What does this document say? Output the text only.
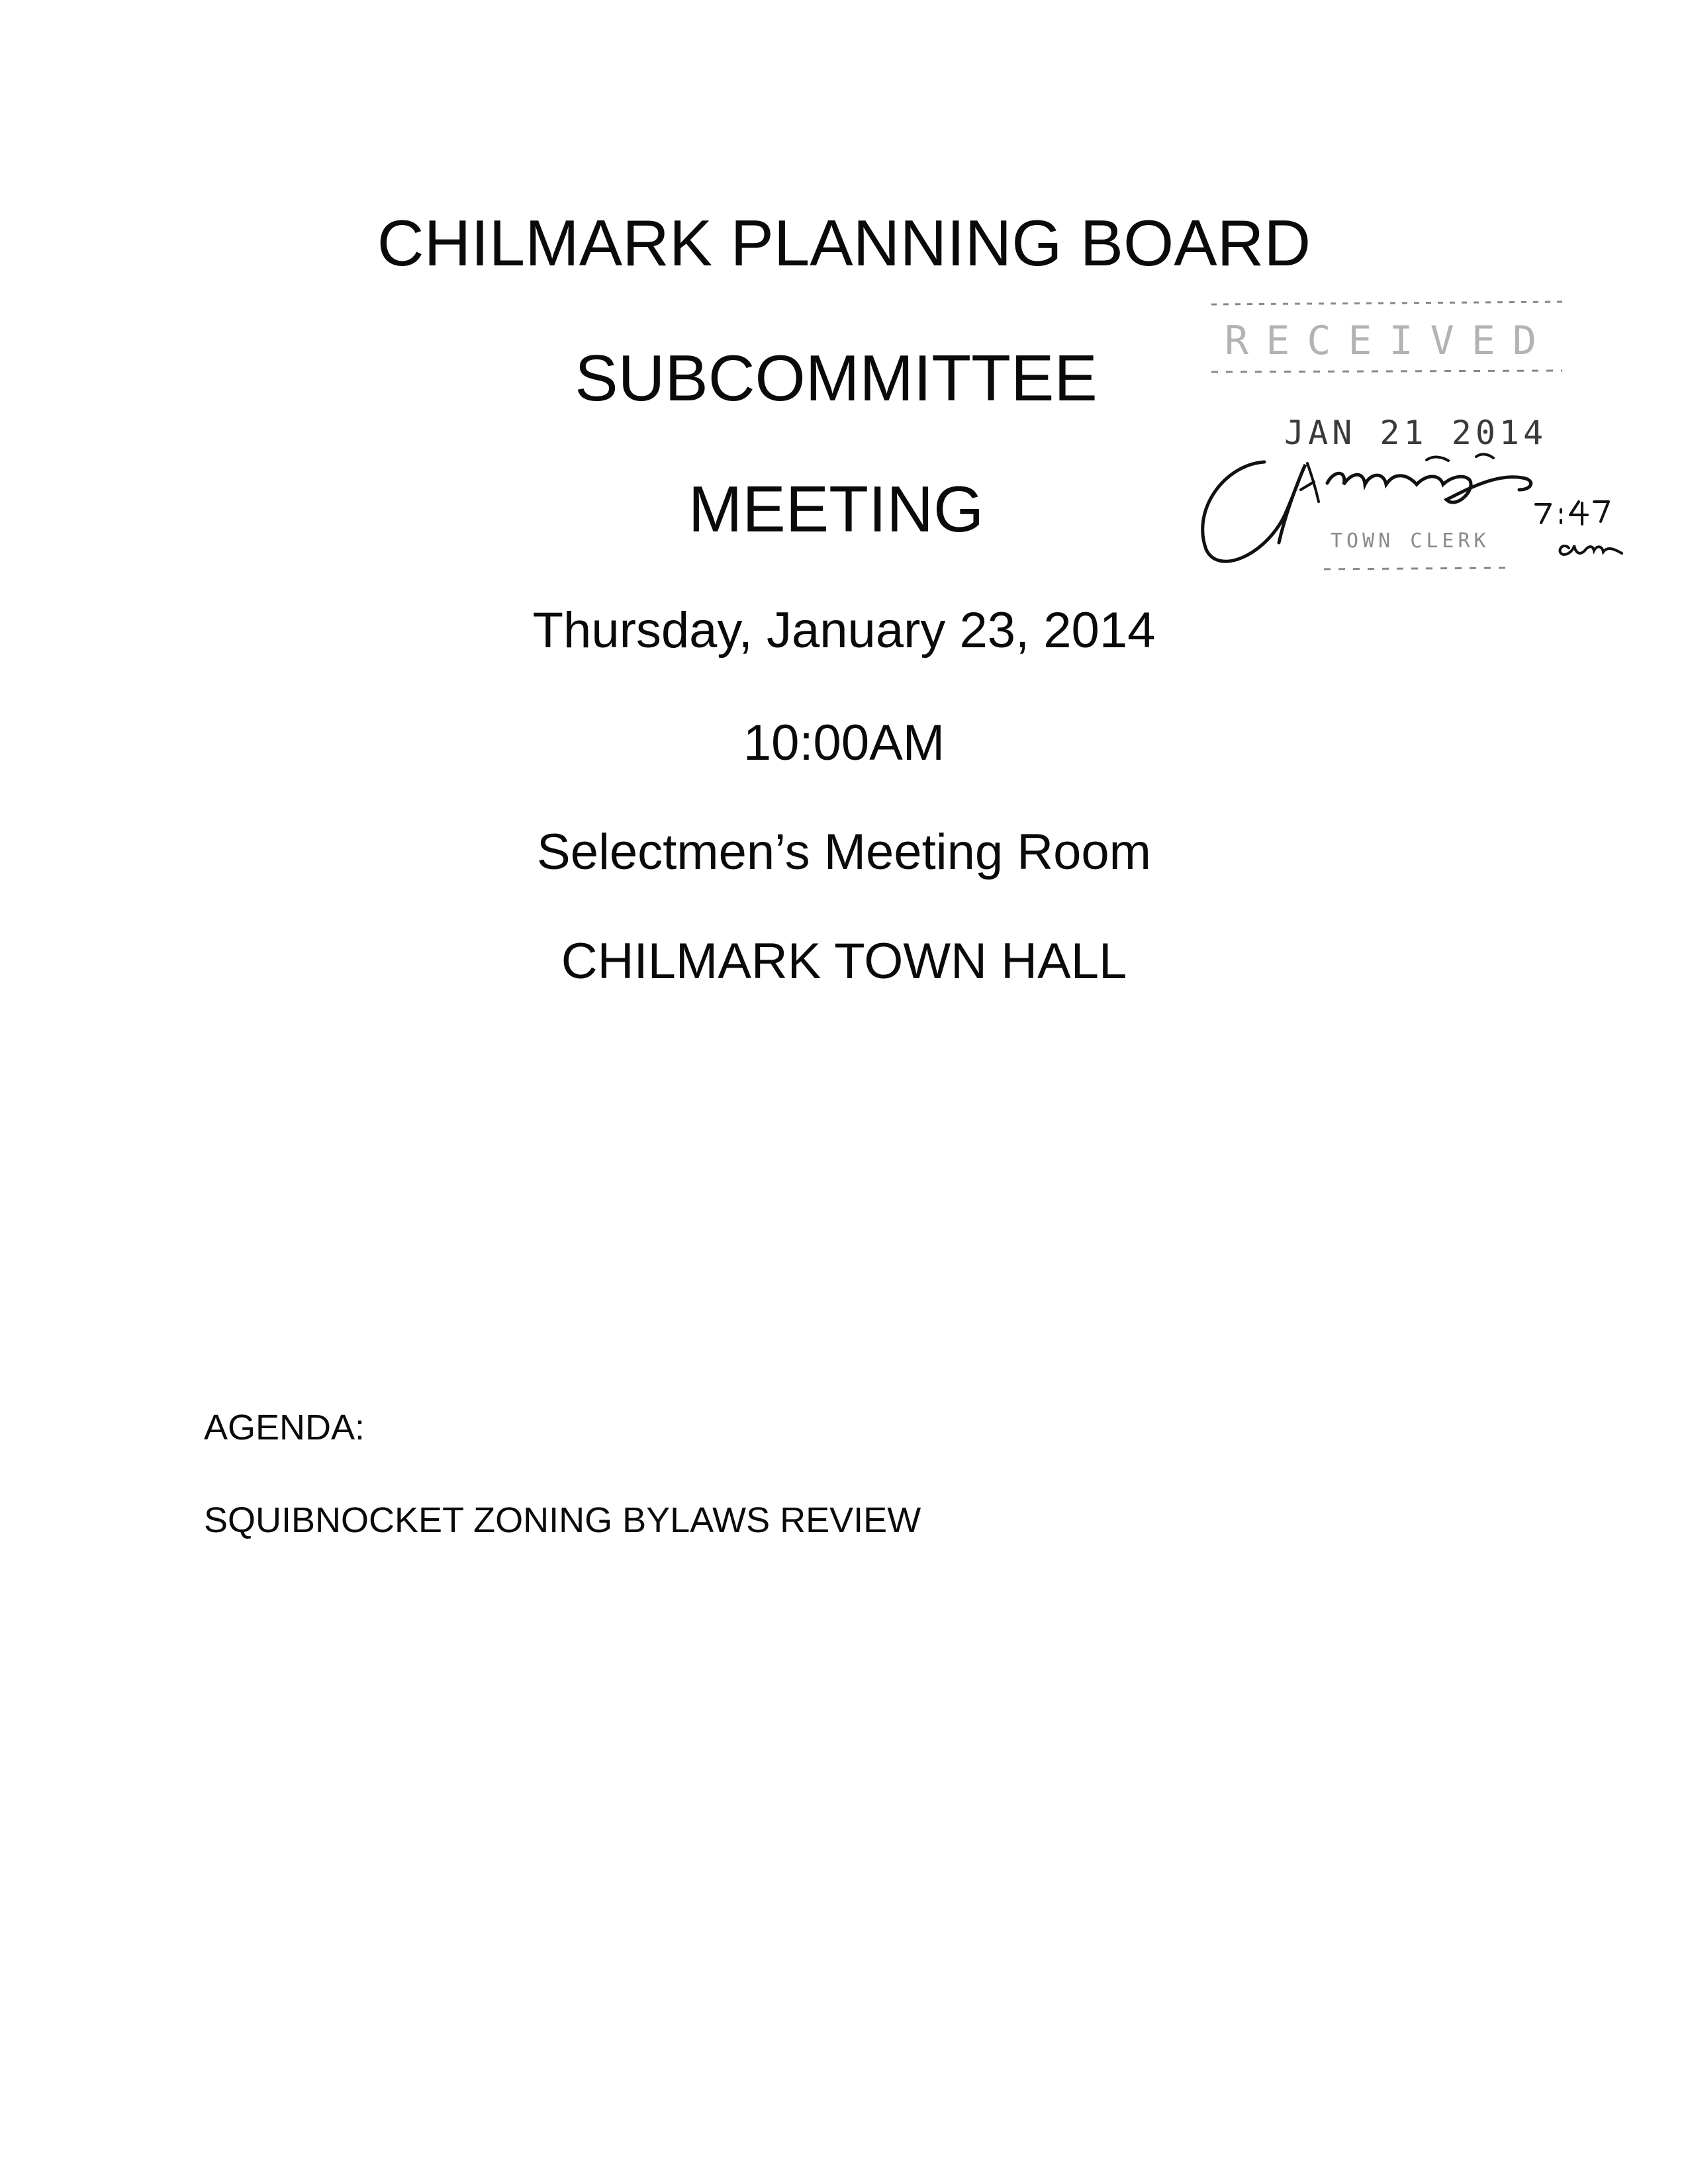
CHILMARK PLANNING BOARD
SUBCOMMITTEE
MEETING
Thursday, January 23, 2014
10:00AM
Selectmen’s Meeting Room
CHILMARK TOWN HALL
AGENDA:
SQUIBNOCKET ZONING BYLAWS REVIEW
RECEIVED
JAN 21 2014
TOWN CLERK
